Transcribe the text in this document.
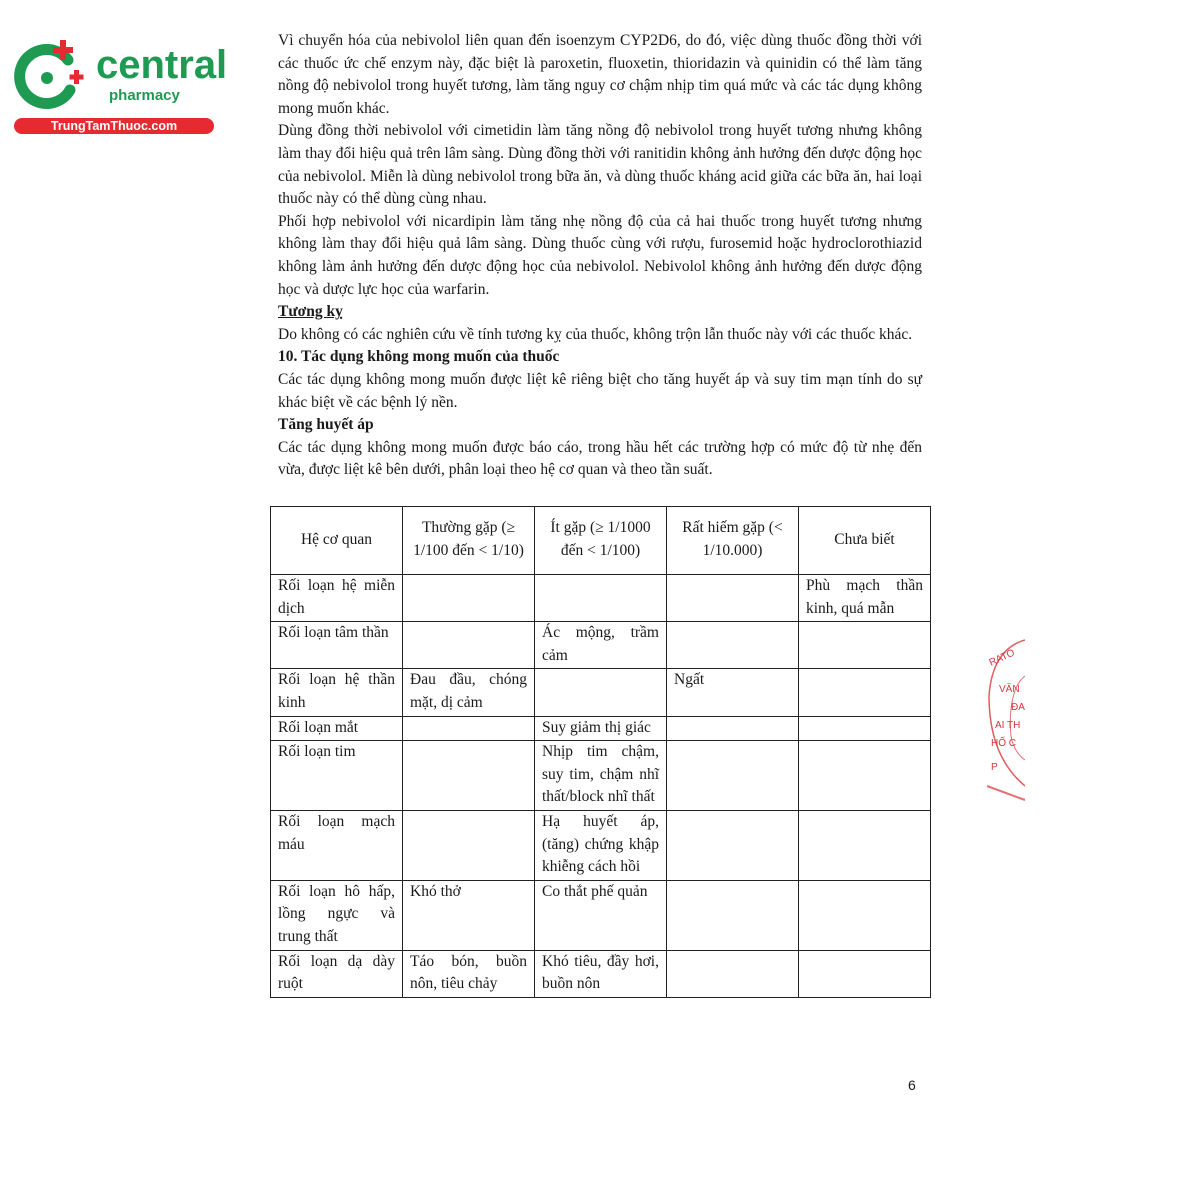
central
pharmacy
TrungTamThuoc.com

Vì chuyển hóa của nebivolol liên quan đến isoenzym CYP2D6, do đó, việc dùng thuốc đồng thời với các thuốc ức chế enzym này, đặc biệt là paroxetin, fluoxetin, thioridazin và quinidin có thể làm tăng nồng độ nebivolol trong huyết tương, làm tăng nguy cơ chậm nhịp tim quá mức và các tác dụng không mong muốn khác.

Dùng đồng thời nebivolol với cimetidin làm tăng nồng độ nebivolol trong huyết tương nhưng không làm thay đổi hiệu quả trên lâm sàng. Dùng đồng thời với ranitidin không ảnh hưởng đến dược động học của nebivolol. Miễn là dùng nebivolol trong bữa ăn, và dùng thuốc kháng acid giữa các bữa ăn, hai loại thuốc này có thể dùng cùng nhau.

Phối hợp nebivolol với nicardipin làm tăng nhẹ nồng độ của cả hai thuốc trong huyết tương nhưng không làm thay đổi hiệu quả lâm sàng. Dùng thuốc cùng với rượu, furosemid hoặc hydroclorothiazid không làm ảnh hưởng đến dược động học của nebivolol. Nebivolol không ảnh hưởng đến dược động học và dược lực học của warfarin.

Tương kỵ

Do không có các nghiên cứu về tính tương kỵ của thuốc, không trộn lẫn thuốc này với các thuốc khác.

10. Tác dụng không mong muốn của thuốc

Các tác dụng không mong muốn được liệt kê riêng biệt cho tăng huyết áp và suy tim mạn tính do sự khác biệt về các bệnh lý nền.

Tăng huyết áp

Các tác dụng không mong muốn được báo cáo, trong hầu hết các trường hợp có mức độ từ nhẹ đến vừa, được liệt kê bên dưới, phân loại theo hệ cơ quan và theo tần suất.

Hệ cơ quan	Thường gặp (≥ 1/100 đến < 1/10)	Ít gặp (≥ 1/1000 đến < 1/100)	Rất hiếm gặp (< 1/10.000)	Chưa biết
Rối loạn hệ miễn dịch				Phù mạch thần kinh, quá mẫn
Rối loạn tâm thần		Ác mộng, trầm cảm		
Rối loạn hệ thần kinh	Đau đầu, chóng mặt, dị cảm		Ngất	
Rối loạn mắt		Suy giảm thị giác		
Rối loạn tim		Nhịp tim chậm, suy tim, chậm nhĩ thất/block nhĩ thất		
Rối loạn mạch máu		Hạ huyết áp, (tăng) chứng khập khiễng cách hồi		
Rối loạn hô hấp, lồng ngực và trung thất	Khó thở	Co thắt phế quản		
Rối loạn dạ dày ruột	Táo bón, buồn nôn, tiêu chảy	Khó tiêu, đầy hơi, buồn nôn		
6
RATO
VĂN
ĐA
AI TH
HỐ C
P
